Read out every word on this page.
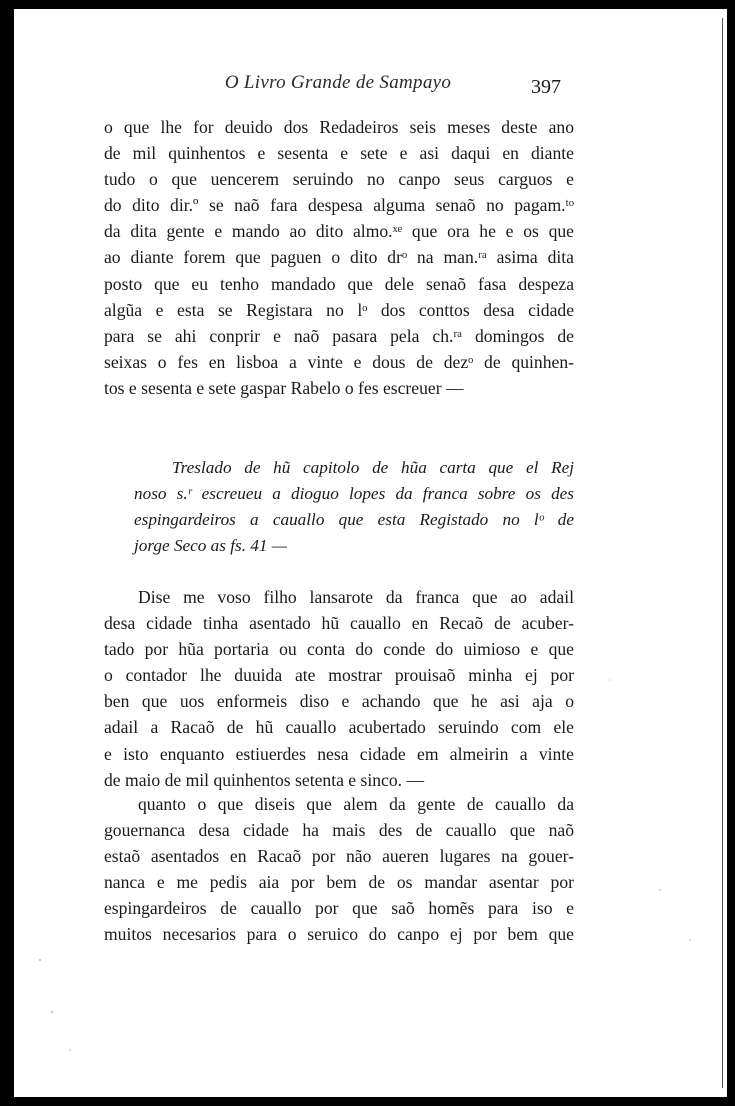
O Livro Grande de Sampayo	397
o que lhe for deuido dos Redadeiros seis meses deste ano
de mil quinhentos e sesenta e sete e asi daqui en diante
tudo o que uencerem seruindo no canpo seus carguos e
do dito dir.º se naõ fara despesa alguma senaõ no pagam.ᵗᵒ
da dita gente e mando ao dito almo.ˣᵉ que ora he e os que
ao diante forem que paguen o dito drᵒ na man.ʳᵃ asima dita
posto que eu tenho mandado que dele senaõ fasa despeza
algũa e esta se Registara no lᵒ dos conttos desa cidade
para se ahi conprir e naõ pasara pela ch.ʳᵃ domingos de
seixas o fes en lisboa a vinte e dous de dezᵒ de quinhen-
tos e sesenta e sete gaspar Rabelo o fes escreuer —
Treslado de hũ capitolo de hũa carta que el Rej
noso s.ʳ escreueu a dioguo lopes da franca sobre os des
espingardeiros a cauallo que esta Registado no lᵒ de
jorge Seco as fs. 41 —
Dise me voso filho lansarote da franca que ao adail
desa cidade tinha asentado hũ cauallo en Recaõ de acuber-
tado por hũa portaria ou conta do conde do uimioso e que
o contador lhe duuida ate mostrar prouisaõ minha ej por
ben que uos enformeis diso e achando que he asi aja o
adail a Racaõ de hũ cauallo acubertado seruindo com ele
e isto enquanto estiuerdes nesa cidade em almeirin a vinte
de maio de mil quinhentos setenta e sinco. —
quanto o que diseis que alem da gente de cauallo da
gouernanca desa cidade ha mais des de cauallo que naõ
estaõ asentados en Racaõ por não aueren lugares na gouer-
nanca e me pedis aia por bem de os mandar asentar por
espingardeiros de cauallo por que saõ homẽs para iso e
muitos necesarios para o seruico do canpo ej por bem que
